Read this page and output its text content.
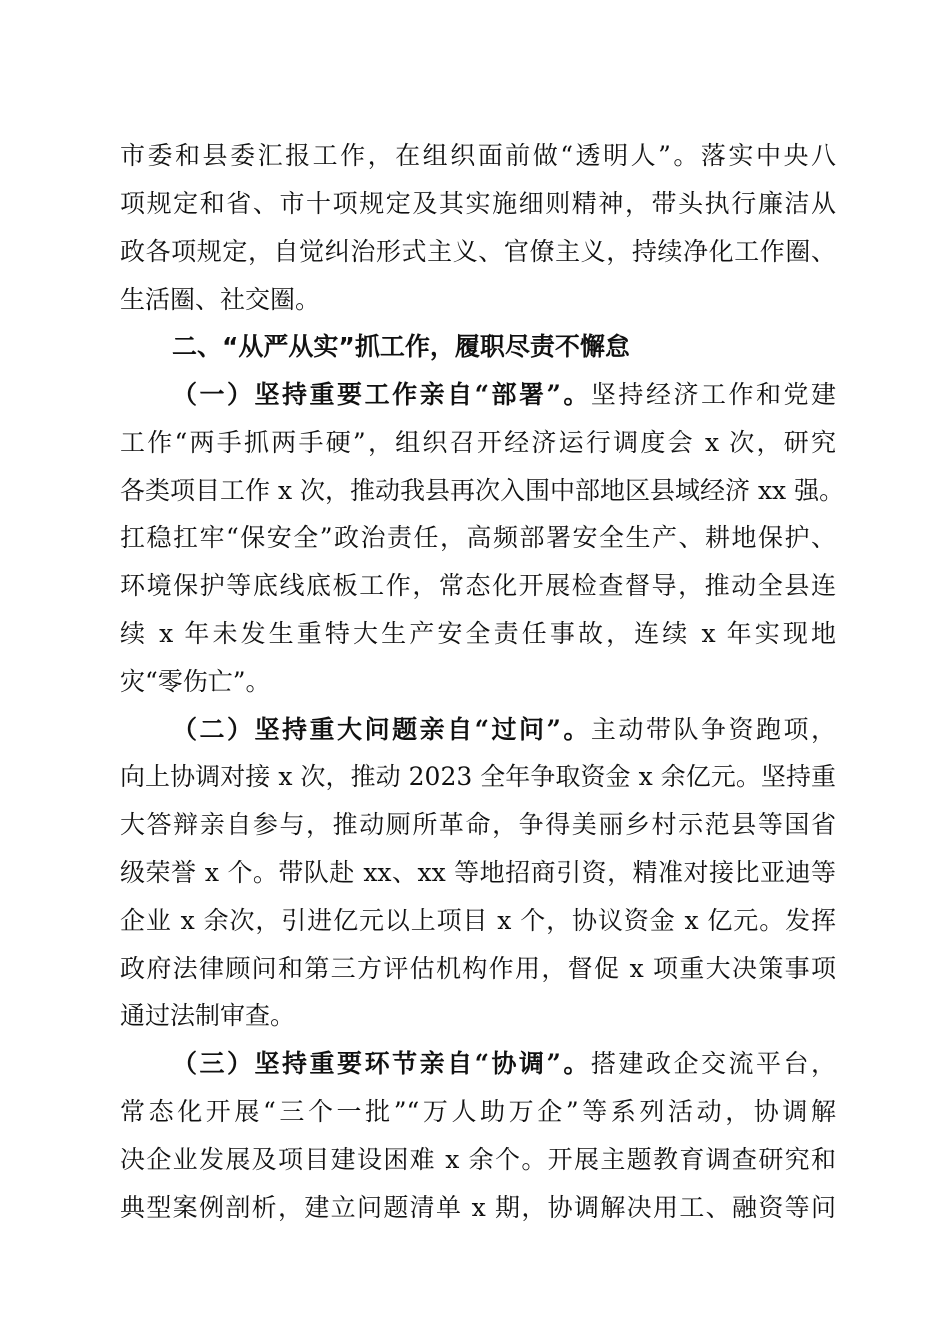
市委和县委汇报工作，在组织面前做“透明人”。落实中央八
项规定和省、市十项规定及其实施细则精神，带头执行廉洁从
政各项规定，自觉纠治形式主义、官僚主义，持续净化工作圈、
生活圈、社交圈。
二、“从严从实”抓工作，履职尽责不懈怠
（一）坚持重要工作亲自“部署”。坚持经济工作和党建
工作“两手抓两手硬”，组织召开经济运行调度会 x 次，研究
各类项目工作 x 次，推动我县再次入围中部地区县域经济 xx 强。
扛稳扛牢“保安全”政治责任，高频部署安全生产、耕地保护、
环境保护等底线底板工作，常态化开展检查督导，推动全县连
续 x 年未发生重特大生产安全责任事故，连续 x 年实现地
灾“零伤亡”。
（二）坚持重大问题亲自“过问”。主动带队争资跑项，
向上协调对接 x 次，推动 2023 全年争取资金 x 余亿元。坚持重
大答辩亲自参与，推动厕所革命，争得美丽乡村示范县等国省
级荣誉 x 个。带队赴 xx、xx 等地招商引资，精准对接比亚迪等
企业 x 余次，引进亿元以上项目 x 个，协议资金 x 亿元。发挥
政府法律顾问和第三方评估机构作用，督促 x 项重大决策事项
通过法制审查。
（三）坚持重要环节亲自“协调”。搭建政企交流平台，
常态化开展“三个一批”“万人助万企”等系列活动，协调解
决企业发展及项目建设困难 x 余个。开展主题教育调查研究和
典型案例剖析，建立问题清单 x 期，协调解决用工、融资等问
